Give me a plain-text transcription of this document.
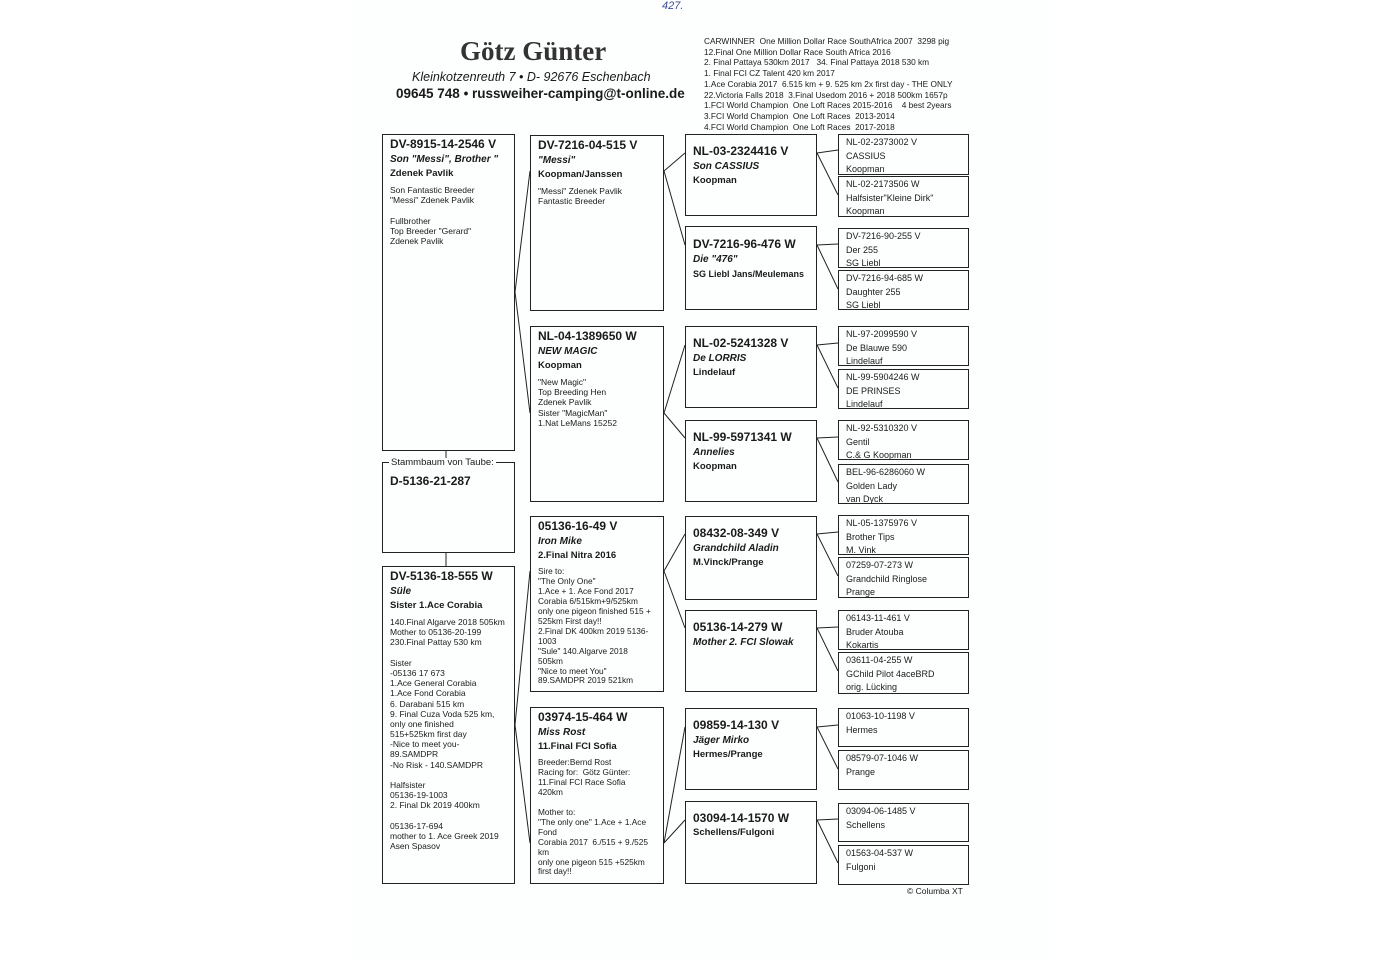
427.
Götz Günter
Kleinkotzenreuth 7 • D- 92676 Eschenbach
09645 748 • russweiher-camping@t-online.de
CARWINNER  One Million Dollar Race SouthAfrica 2007  3298 pig
12.Final One Million Dollar Race South Africa 2016
2. Final Pattaya 530km 2017   34. Final Pattaya 2018 530 km
1. Final FCI CZ Talent 420 km 2017
1.Ace Corabia 2017  6.515 km + 9. 525 km 2x first day - THE ONLY
22.Victoria Falls 2018  3.Final Usedom 2016 + 2018 500km 1657p
1.FCI World Champion  One Loft Races 2015-2016    4 best 2years
3.FCI World Champion  One Loft Races  2013-2014
4.FCI World Champion  One Loft Races  2017-2018
DV-8915-14-2546 V
Son "Messi", Brother "
Zdenek Pavlik
Son Fantastic Breeder
"Messi" Zdenek Pavlik

Fullbrother
Top Breeder "Gerard"
Zdenek Pavlik
Stammbaum von Taube:
D-5136-21-287
DV-5136-18-555 W
Süle
Sister 1.Ace Corabia
140.Final Algarve 2018 505km
Mother to 05136-20-199
230.Final Pattay 530 km

Sister
-05136 17 673
1.Ace General Corabia
1.Ace Fond Corabia
6. Darabani 515 km
9. Final Cuza Voda 525 km,
only one finished
515+525km first day
-Nice to meet you-
89.SAMDPR
-No Risk - 140.SAMDPR

Halfsister
05136-19-1003
2. Final Dk 2019 400km

05136-17-694
mother to 1. Ace Greek 2019
Asen Spasov
DV-7216-04-515 V
"Messi"
Koopman/Janssen
"Messi" Zdenek Pavlik
Fantastic Breeder
NL-04-1389650 W
NEW MAGIC
Koopman
"New Magic"
Top Breeding Hen
Zdenek Pavlik
Sister "MagicMan"
1.Nat LeMans 15252
05136-16-49 V
Iron Mike
2.Final Nitra 2016
Sire to:
"The Only One"
1.Ace + 1. Ace Fond 2017
Corabia 6/515km+9/525km
only one pigeon finished 515 +
525km First day!!
2.Final DK 400km 2019 5136-
1003
"Sule" 140.Algarve 2018
505km
"Nice to meet You"
89.SAMDPR 2019 521km
03974-15-464 W
Miss Rost
11.Final FCI Sofia
Breeder:Bernd Rost
Racing for:  Götz Günter:
11.Final FCI Race Sofia
420km

Mother to:
"The only one" 1.Ace + 1.Ace
Fond
Corabia 2017  6./515 + 9./525
km
only one pigeon 515 +525km
first day!!
NL-03-2324416 V
Son CASSIUS
Koopman
DV-7216-96-476 W
Die "476"
SG Liebl Jans/Meulemans
NL-02-5241328 V
De LORRIS
Lindelauf
NL-99-5971341 W
Annelies
Koopman
08432-08-349 V
Grandchild Aladin
M.Vinck/Prange
05136-14-279 W
Mother 2. FCI Slowak
09859-14-130 V
Jäger Mirko
Hermes/Prange
03094-14-1570 W
Schellens/Fulgoni
NL-02-2373002 V
CASSIUS
Koopman
NL-02-2173506 W
Halfsister"Kleine Dirk"
Koopman
DV-7216-90-255 V
Der 255
SG Liebl
DV-7216-94-685 W
Daughter 255
SG Liebl
NL-97-2099590 V
De Blauwe 590
Lindelauf
NL-99-5904246 W
DE PRINSES
Lindelauf
NL-92-5310320 V
Gentil
C.& G Koopman
BEL-96-6286060 W
Golden Lady
van Dyck
NL-05-1375976 V
Brother Tips
M. Vink
07259-07-273 W
Grandchild Ringlose
Prange
06143-11-461 V
Bruder Atouba
Kokartis
03611-04-255 W
GChild Pilot 4aceBRD
orig. Lücking
01063-10-1198 V
Hermes
08579-07-1046 W
Prange
03094-06-1485 V
Schellens
01563-04-537 W
Fulgoni
© Columba XT
